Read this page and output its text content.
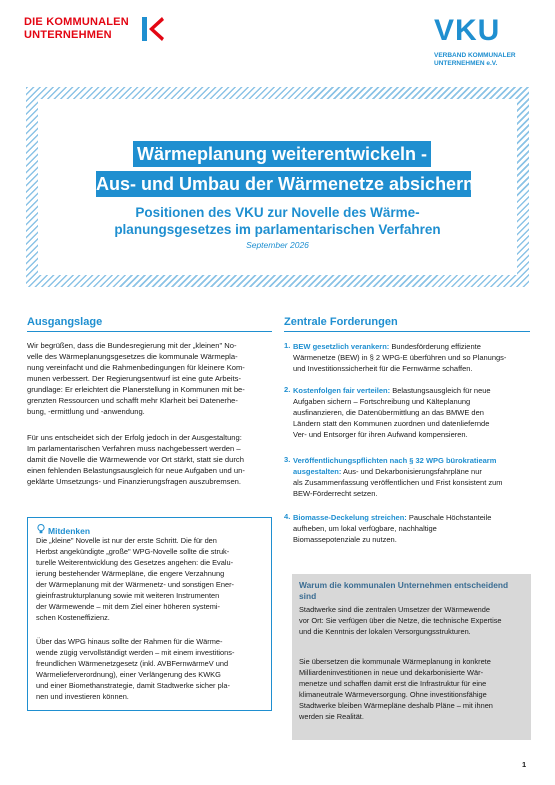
DIE KOMMUNALEN
UNTERNEHMEN	VKU
VERBAND KOMMUNALER
UNTERNEHMEN e.V.
Wärmeplanung weiterentwickeln -
Aus- und Umbau der Wärmenetze absichern
Positionen des VKU zur Novelle des Wärme-
planungsgesetzes im parlamentarischen Verfahren
September 2026
Ausgangslage
Wir begrüßen, dass die Bundesregierung mit der „kleinen" No-
velle des Wärmeplanungsgesetzes die kommunale Wärmepla-
nung vereinfacht und die Rahmenbedingungen für kleinere Kom-
munen verbessert. Der Regierungsentwurf ist eine gute Arbeits-
grundlage: Er erleichtert die Planerstellung in Kommunen mit be-
grenzten Ressourcen und schafft mehr Klarheit bei Datenerhe-
bung, -ermittlung und -anwendung.
Für uns entscheidet sich der Erfolg jedoch in der Ausgestaltung:
Im parlamentarischen Verfahren muss nachgebessert werden –
damit die Novelle die Wärmewende vor Ort stärkt, statt sie durch
einen fehlenden Belastungsausgleich für neue Aufgaben und un-
geklärte Umsetzungs- und Finanzierungsfragen auszubremsen.
Mitdenken
Die „kleine" Novelle ist nur der erste Schritt. Die für den
Herbst angekündigte „große" WPG-Novelle sollte die struk-
turelle Weiterentwicklung des Gesetzes angehen: die Evalu-
ierung bestehender Wärmepläne, die engere Verzahnung
der Wärmeplanung mit der Wärmenetz- und sonstigen Ener-
gieinfrastrukturplanung sowie mit weiteren Instrumenten
der Wärmewende – mit dem Ziel einer höheren systemi-
schen Kosteneffizienz.
Über das WPG hinaus sollte der Rahmen für die Wärme-
wende zügig vervollständigt werden – mit einem investitions-
freundlichen Wärmenetzgesetz (inkl. AVBFernwärmeV und
Wärmelieferverordnung), einer Verlängerung des KWKG
und einer Biomethanstrategie, damit Stadtwerke sicher pla-
nen und investieren können.
Zentrale Forderungen
1. BEW gesetzlich verankern: Bundesförderung effiziente
Wärmenetze (BEW) in § 2 WPG-E überführen und so Planungs-
und Investitionssicherheit für die Fernwärme schaffen.
2. Kostenfolgen fair verteilen: Belastungsausgleich für neue
Aufgaben sichern – Fortschreibung und Kälteplanung
ausfinanzieren, die Datenübermittlung an das BMWE den
Ländern statt den Kommunen zuordnen und datenliefernde
Ver- und Entsorger für ihren Aufwand kompensieren.
3. Veröffentlichungspflichten nach § 32 WPG bürokratiearm
ausgestalten: Aus- und Dekarbonisierungsfahrpläne nur
als Zusammenfassung veröffentlichen und Frist konsistent zum
BEW-Förderrecht setzen.
4. Biomasse-Deckelung streichen: Pauschale Höchstanteile
aufheben, um lokal verfügbare, nachhaltige
Biomassepotenziale zu nutzen.
Warum die kommunalen Unternehmen entscheidend
sind
Stadtwerke sind die zentralen Umsetzer der Wärmewende
vor Ort: Sie verfügen über die Netze, die technische Expertise
und die Kenntnis der lokalen Versorgungsstrukturen.
Sie übersetzen die kommunale Wärmeplanung in konkrete
Milliardeninvestitionen in neue und dekarbonisierte Wär-
menetze und schaffen damit erst die Infrastruktur für eine
klimaneutrale Wärmeversorgung. Ohne investitionsfähige
Stadtwerke bleiben Wärmepläne deshalb Pläne – mit ihnen
werden sie Realität.
1
